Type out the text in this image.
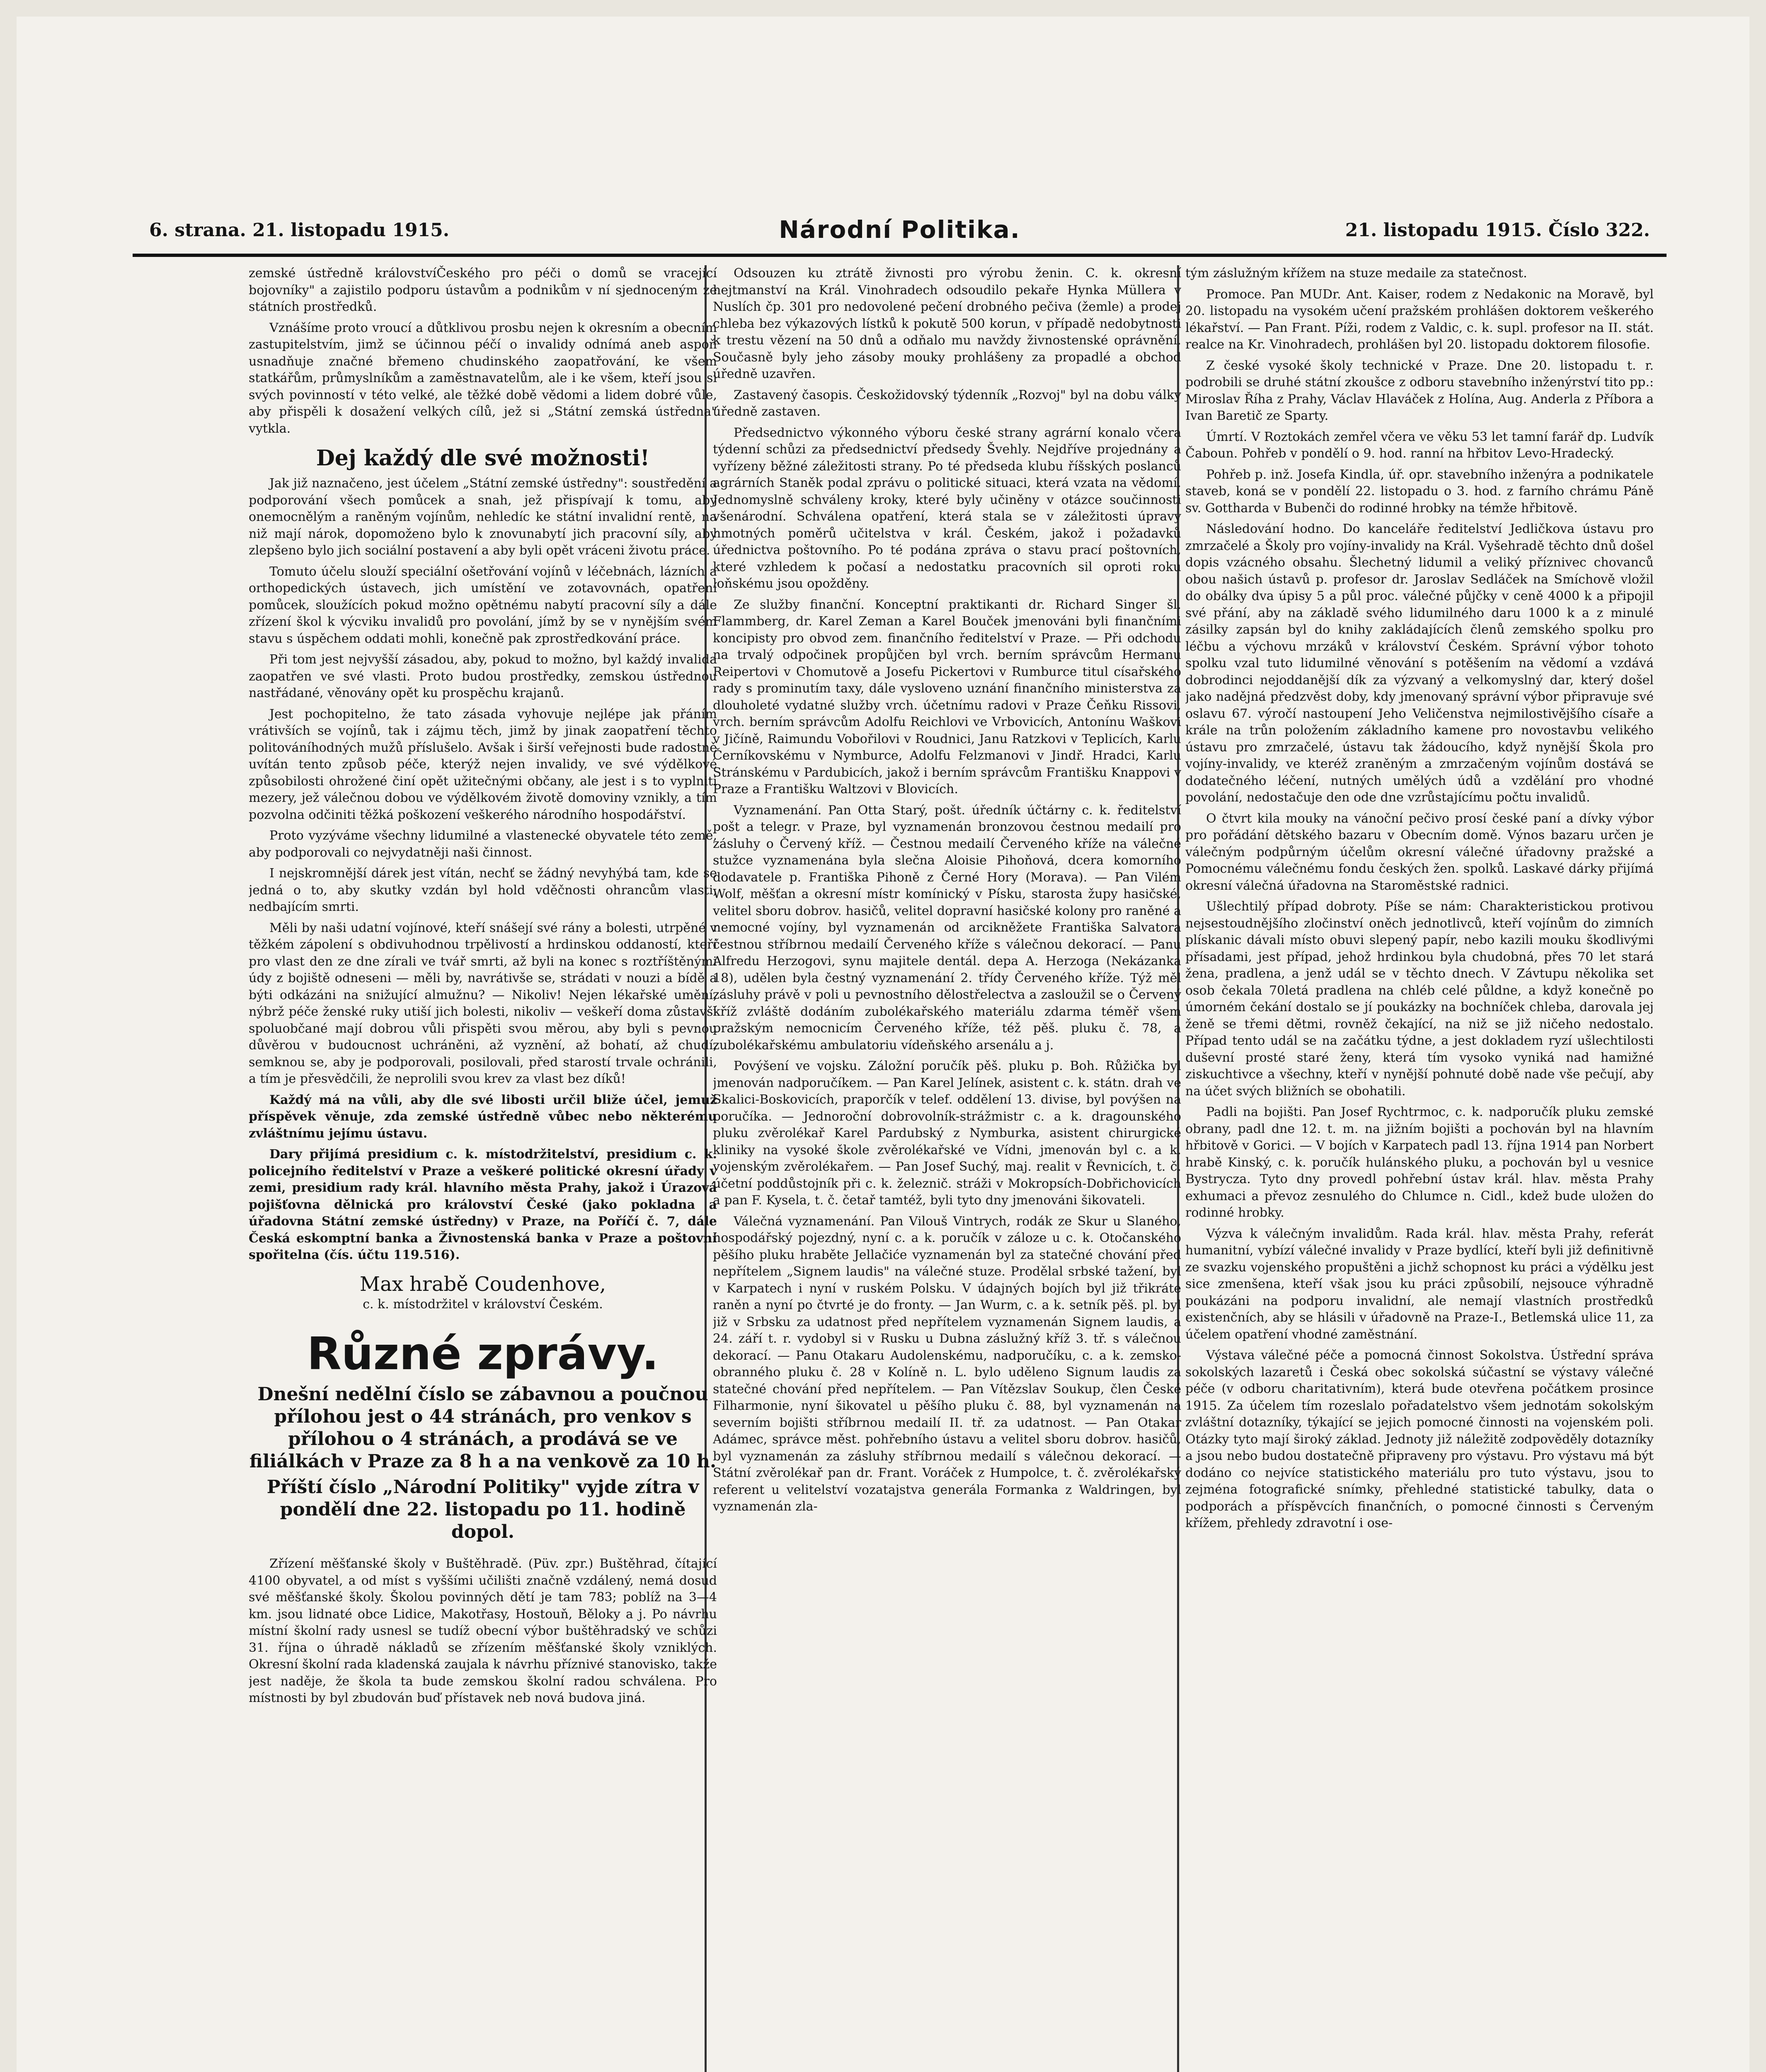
6. strana. 21. listopadu 1915.	Národní Politika.	21. listopadu 1915. Číslo 322.

zemské ústředně královstvíČeského pro péči o domů se vracející bojovníky" a zajistilo podporu ústavům a podnikům v ní sjednoceným ze státních prostředků.

Vznášíme proto vroucí a důtklivou prosbu nejen k okresním a obecním zastupitelstvím, jimž se účinnou péčí o invalidy odnímá aneb aspoň usnadňuje značné břemeno chudinského zaopatřování, ke všem statkářům, průmyslníkům a zaměstnavatelům, ale i ke všem, kteří jsou si svých povinností v této velké, ale těžké době vědomi a lidem dobré vůle, aby přispěli k dosažení velkých cílů, jež si „Státní zemská ústředna" vytkla.

Dej každý dle své možnosti!

Jak již naznačeno, jest účelem „Státní zemské ústředny": soustředění a podporování všech pomůcek a snah, jež přispívají k tomu, aby onemocnělým a raněným vojínům, nehledíc ke státní invalidní rentě, na niž mají nárok, dopomoženo bylo k znovunabytí jich pracovní síly, aby zlepšeno bylo jich sociální postavení a aby byli opět vráceni životu práce.

Tomuto účelu slouží speciální ošetřování vojínů v léčebnách, lázních a orthopedických ústavech, jich umístění ve zotavovnách, opatření pomůcek, sloužících pokud možno opětnému nabytí pracovní síly a dále zřízení škol k výcviku invalidů pro povolání, jímž by se v nynějším svém stavu s úspěchem oddati mohli, konečně pak zprostředkování práce.

Při tom jest nejvyšší zásadou, aby, pokud to možno, byl každý invalida zaopatřen ve své vlasti. Proto budou prostředky, zemskou ústřednou nastřádané, věnovány opět ku prospěchu krajanů.

Jest pochopitelno, že tato zásada vyhovuje nejlépe jak přáním vrátivších se vojínů, tak i zájmu těch, jimž by jinak zaopatření těchto politováníhodných mužů příslušelo. Avšak i širší veřejnosti bude radostně uvítán tento způsob péče, kterýž nejen invalidy, ve své výdělkové způsobilosti ohrožené činí opět užitečnými občany, ale jest i s to vyplniti mezery, jež válečnou dobou ve výdělkovém životě domoviny vznikly, a tím pozvolna odčiniti těžká poškození veškerého národního hospodářství.

Proto vyzýváme všechny lidumilné a vlastenecké obyvatele této země, aby podporovali co nejvydatněji naši činnost.

I nejskromnější dárek jest vítán, nechť se žádný nevyhýbá tam, kde se jedná o to, aby skutky vzdán byl hold vděčnosti ohrancům vlasti, nedbajícím smrti.

Měli by naši udatní vojínové, kteří snášejí své rány a bolesti, utrpěné v těžkém zápolení s obdivuhodnou trpělivostí a hrdinskou oddaností, kteří pro vlast den ze dne zírali ve tvář smrti, až byli na konec s roztříštěnými údy z bojiště odneseni — měli by, navrátivše se, strádati v nouzi a bídě a býti odkázáni na snižující almužnu? — Nikoliv! Nejen lékařské umění, nýbrž péče ženské ruky utiší jich bolesti, nikoliv — veškeří doma zůstavší spoluobčané mají dobrou vůli přispěti svou měrou, aby byli s pevnou důvěrou v budoucnost uchráněni, až vyznění, až bohatí, až chudí, semknou se, aby je podporovali, posilovali, před starostí trvale ochránili, a tím je přesvědčili, že neprolili svou krev za vlast bez díků!

Každý má na vůli, aby dle své libosti určil bliže účel, jemuž příspěvek věnuje, zda zemské ústředně vůbec nebo některému zvláštnímu jejímu ústavu.

Dary přijímá presidium c. k. místodržitelství, presidium c. k. policejního ředitelství v Praze a veškeré politické okresní úřady v zemi, presidium rady král. hlavního města Prahy, jakož i Úrazová pojišťovna dělnická pro království České (jako pokladna a úřadovna Státní zemské ústředny) v Praze, na Poříčí č. 7, dále Česká eskomptní banka a Živnostenská banka v Praze a poštovní spořitelna (čís. účtu 119.516).

Max hrabě Coudenhove,
c. k. místodržitel v království Českém.
Různé zprávy.

Dnešní nedělní číslo se zábavnou a poučnou přílohou jest o 44 stránách, pro venkov s přílohou o 4 stránách, a prodává se ve filiálkách v Praze za 8 h a na venkově za 10 h.

Příští číslo „Národní Politiky" vyjde zítra v pondělí dne 22. listopadu po 11. hodině dopol.

Zřízení měšťanské školy v Buštěhradě. (Püv. zpr.) Buštěhrad, čítající 4100 obyvatel, a od míst s vyššími učilišti značně vzdálený, nemá dosud své měšťanské školy. Školou povinných dětí je tam 783; poblíž na 3—4 km. jsou lidnaté obce Lidice, Makotřasy, Hostouň, Běloky a j. Po návrhu místní školní rady usnesl se tudíž obecní výbor buštěhradský ve schůzi 31. října o úhradě nákladů se zřízením měšťanské školy vzniklých. Okresní školní rada kladenská zaujala k návrhu příznivé stanovisko, takže jest naděje, že škola ta bude zemskou školní radou schválena. Pro místnosti by byl zbudován buď přístavek neb nová budova jiná.

Odsouzen ku ztrátě živnosti pro výrobu ženin. C. k. okresní hejtmanství na Král. Vinohradech odsoudilo pekaře Hynka Müllera v Nuslích čp. 301 pro nedovolené pečení drobného pečiva (žemle) a prodej chleba bez výkazových lístků k pokutě 500 korun, v případě nedobytnosti k trestu vězení na 50 dnů a odňalo mu navždy živnostenské oprávnění. Současně byly jeho zásoby mouky prohlášeny za propadlé a obchod úředně uzavřen.

Zastavený časopis. Českožidovský týdenník „Rozvoj" byl na dobu války úředně zastaven.

Předsednictvo výkonného výboru české strany agrární konalo včera týdenní schůzi za předsednictví předsedy Švehly. Nejdříve projednány a vyřízeny běžné záležitosti strany. Po té předseda klubu říšských poslanců agrárních Staněk podal zprávu o politické situaci, která vzata na vědomí. Jednomyslně schváleny kroky, které byly učiněny v otázce součinnosti všenárodní. Schválena opatření, která stala se v záležitosti úpravy hmotných poměrů učitelstva v král. Českém, jakož i požadavků úřednictva poštovního. Po té podána zpráva o stavu prací poštovních, které vzhledem k počasí a nedostatku pracovních sil oproti roku loňskému jsou opožděny.

Ze služby finanční. Konceptní praktikanti dr. Richard Singer šl. Flammberg, dr. Karel Zeman a Karel Bouček jmenováni byli finančními koncipisty pro obvod zem. finančního ředitelství v Praze. — Při odchodu na trvalý odpočinek propůjčen byl vrch. berním správcům Hermanu Reipertovi v Chomutově a Josefu Pickertovi v Rumburce titul císařského rady s prominutím taxy, dále vysloveno uznání finančního ministerstva za dlouholeté vydatné služby vrch. účetnímu radovi v Praze Čeňku Rissovi, vrch. berním správcům Adolfu Reichlovi ve Vrbovicích, Antonínu Waškovi v Jičíně, Raimundu Vobořilovi v Roudnici, Janu Ratzkovi v Teplicích, Karlu Černíkovskému v Nymburce, Adolfu Felzmanovi v Jindř. Hradci, Karlu Stránskému v Pardubicích, jakož i berním správcům Františku Knappovi v Praze a Františku Waltzovi v Blovicích.

Vyznamenání. Pan Otta Starý, pošt. úředník účtárny c. k. ředitelství pošt a telegr. v Praze, byl vyznamenán bronzovou čestnou medailí pro zásluhy o Červený kříž. — Čestnou medailí Červeného kříže na válečné stužce vyznamenána byla slečna Aloisie Pihoňová, dcera komorního dodavatele p. Františka Pihoně z Černé Hory (Morava). — Pan Vilém Wolf, měšťan a okresní místr komínický v Písku, starosta župy hasičské, velitel sboru dobrov. hasičů, velitel dopravní hasičské kolony pro raněné a nemocné vojíny, byl vyznamenán od arcikněžete Františka Salvatora čestnou stříbrnou medailí Červeného kříže s válečnou dekorací. — Panu Alfredu Herzogovi, synu majitele dentál. depa A. Herzoga (Nekázanka 18), udělen byla čestný vyznamenání 2. třídy Červeného kříže. Týž měl zásluhy právě v poli u pevnostního dělostřelectva a zasloužil se o Červený kříž zvláště dodáním zubolékařského materiálu zdarma téměř všem pražským nemocnicím Červeného kříže, též pěš. pluku č. 78, a zubolékařskému ambulatoriu vídeňského arsenálu a j.

Povýšení ve vojsku. Záložní poručík pěš. pluku p. Boh. Růžička byl jmenován nadporučíkem. — Pan Karel Jelínek, asistent c. k. státn. drah ve Skalici-Boskovicích, praporčík v telef. oddělení 13. divise, byl povýšen na poručíka. — Jednoroční dobrovolník-strážmistr c. a k. dragounského pluku zvěrolékař Karel Pardubský z Nymburka, asistent chirurgické kliniky na vysoké škole zvěrolékařské ve Vídni, jmenován byl c. a k. vojenským zvěrolékařem. — Pan Josef Suchý, maj. realit v Řevnicích, t. č. účetní poddůstojník při c. k. železnič. stráži v Mokropsích-Dobřichovicích a pan F. Kysela, t. č. četař tamtéž, byli tyto dny jmenováni šikovateli.

Válečná vyznamenání. Pan Vilouš Vintrych, rodák ze Skur u Slaného, hospodářský pojezdný, nyní c. a k. poručík v záloze u c. k. Otočanského pěšího pluku hraběte Jellačiće vyznamenán byl za statečné chování před nepřítelem „Signem laudis" na válečné stuze. Prodělal srbské tažení, byl v Karpatech i nyní v ruském Polsku. V údajných bojích byl již třikráte raněn a nyní po čtvrté je do fronty. — Jan Wurm, c. a k. setník pěš. pl. byl již v Srbsku za udatnost před nepřítelem vyznamenán Signem laudis, a 24. září t. r. vydobyl si v Rusku u Dubna záslužný kříž 3. tř. s válečnou dekorací. — Panu Otakaru Audolenskému, nadporučíku, c. a k. zemsko-obranného pluku č. 28 v Kolíně n. L. bylo uděleno Signum laudis za statečné chování před nepřítelem. — Pan Vítězslav Soukup, člen České Filharmonie, nyní šikovatel u pěšího pluku č. 88, byl vyznamenán na severním bojišti stříbrnou medailí II. tř. za udatnost. — Pan Otakar Adámec, správce měst. pohřebního ústavu a velitel sboru dobrov. hasičů, byl vyznamenán za zásluhy stříbrnou medailí s válečnou dekorací. — Státní zvěrolékař pan dr. Frant. Voráček z Humpolce, t. č. zvěrolékařský referent u velitelství vozatajstva generála Formanka z Waldringen, byl vyznamenán zla-

tým záslužným křížem na stuze medaile za statečnost.

Promoce. Pan MUDr. Ant. Kaiser, rodem z Nedakonic na Moravě, byl 20. listopadu na vysokém učení pražském prohlášen doktorem veškerého lékařství. — Pan Frant. Píži, rodem z Valdic, c. k. supl. profesor na II. stát. realce na Kr. Vinohradech, prohlášen byl 20. listopadu doktorem filosofie.

Z české vysoké školy technické v Praze. Dne 20. listopadu t. r. podrobili se druhé státní zkoušce z odboru stavebního inženýrství tito pp.: Miroslav Říha z Prahy, Václav Hlaváček z Holína, Aug. Anderla z Příbora a Ivan Baretič ze Sparty.

Úmrtí. V Roztokách zemřel včera ve věku 53 let tamní farář dp. Ludvík Čaboun. Pohřeb v pondělí o 9. hod. ranní na hřbitov Levo-Hradecký.

Pohřeb p. inž. Josefa Kindla, úř. opr. stavebního inženýra a podnikatele staveb, koná se v pondělí 22. listopadu o 3. hod. z farního chrámu Páně sv. Gottharda v Bubenči do rodinné hrobky na témže hřbitově.

Následování hodno. Do kanceláře ředitelství Jedličkova ústavu pro zmrzačelé a Školy pro vojíny-invalidy na Král. Vyšehradě těchto dnů došel dopis vzácného obsahu. Šlechetný lidumil a veliký příznivec chovanců obou našich ústavů p. profesor dr. Jaroslav Sedláček na Smíchově vložil do obálky dva úpisy 5 a půl proc. válečné půjčky v ceně 4000 k a připojil své přání, aby na základě svého lidumilného daru 1000 k a z minulé zásilky zapsán byl do knihy zakládajících členů zemského spolku pro léčbu a výchovu mrzáků v království Českém. Správní výbor tohoto spolku vzal tuto lidumilné věnování s potěšením na vědomí a vzdává dobrodinci nejoddanější dík za výzvaný a velkomyslný dar, který došel jako nadějná předzvěst doby, kdy jmenovaný správní výbor připravuje své oslavu 67. výročí nastoupení Jeho Veličenstva nejmilostivějšího císaře a krále na trůn položením základního kamene pro novostavbu velikého ústavu pro zmrzačelé, ústavu tak žádoucího, když nynější Škola pro vojíny-invalidy, ve kteréž zraněným a zmrzačeným vojínům dostává se dodatečného léčení, nutných umělých údů a vzdělání pro vhodné povolání, nedostačuje den ode dne vzrůstajícímu počtu invalidů.

O čtvrt kila mouky na vánoční pečivo prosí české paní a dívky výbor pro pořádání dětského bazaru v Obecním domě. Výnos bazaru určen je válečným podpůrným účelům okresní válečné úřadovny pražské a Pomocnému válečnému fondu českých žen. spolků. Laskavé dárky přijímá okresní válečná úřadovna na Staroměstské radnici.

Ušlechtilý případ dobroty. Píše se nám: Charakteristickou protivou nejsestoudnějšího zločinství oněch jednotlivců, kteří vojínům do zimních plískanic dávali místo obuvi slepený papír, nebo kazili mouku škodlivými přísadami, jest případ, jehož hrdinkou byla chudobná, přes 70 let stará žena, pradlena, a jenž udál se v těchto dnech. V Závtupu několika set osob čekala 70letá pradlena na chléb celé půldne, a když konečně po úmorném čekání dostalo se jí poukázky na bochníček chleba, darovala jej ženě se třemi dětmi, rovněž čekající, na niž se již ničeho nedostalo. Případ tento udál se na začátku týdne, a jest dokladem ryzí ušlechtilosti duševní prosté staré ženy, která tím vysoko vyniká nad hamižné ziskuchtivce a všechny, kteří v nynější pohnuté době nade vše pečují, aby na účet svých bližních se obohatili.

Padli na bojišti. Pan Josef Rychtrmoc, c. k. nadporučík pluku zemské obrany, padl dne 12. t. m. na jižním bojišti a pochován byl na hlavním hřbitově v Gorici. — V bojích v Karpatech padl 13. října 1914 pan Norbert hrabě Kinský, c. k. poručík hulánského pluku, a pochován byl u vesnice Bystrycza. Tyto dny provedl pohřební ústav král. hlav. města Prahy exhumaci a převoz zesnulého do Chlumce n. Cidl., kdež bude uložen do rodinné hrobky.

Výzva k válečným invalidům. Rada král. hlav. města Prahy, referát humanitní, vybízí válečné invalidy v Praze bydlící, kteří byli již definitivně ze svazku vojenského propuštěni a jichž schopnost ku práci a výdělku jest sice zmenšena, kteří však jsou ku práci způsobilí, nejsouce výhradně poukázáni na podporu invalidní, ale nemají vlastních prostředků existenčních, aby se hlásili v úřadovně na Praze-I., Betlemská ulice 11, za účelem opatření vhodné zaměstnání.

Výstava válečné péče a pomocná činnost Sokolstva. Ústřední správa sokolských lazaretů i Česká obec sokolská súčastní se výstavy válečné péče (v odboru charitativním), která bude otevřena počátkem prosince 1915. Za účelem tím rozeslalo pořadatelstvo všem jednotám sokolským zvláštní dotazníky, týkající se jejich pomocné činnosti na vojenském poli. Otázky tyto mají široký základ. Jednoty již náležitě zodpověděly dotazníky a jsou nebo budou dostatečně připraveny pro výstavu. Pro výstavu má být dodáno co nejvíce statistického materiálu pro tuto výstavu, jsou to zejména fotografické snímky, přehledné statistické tabulky, data o podporách a příspěvcích finančních, o pomocné činnosti s Červeným křížem, přehledy zdravotní i ose-
